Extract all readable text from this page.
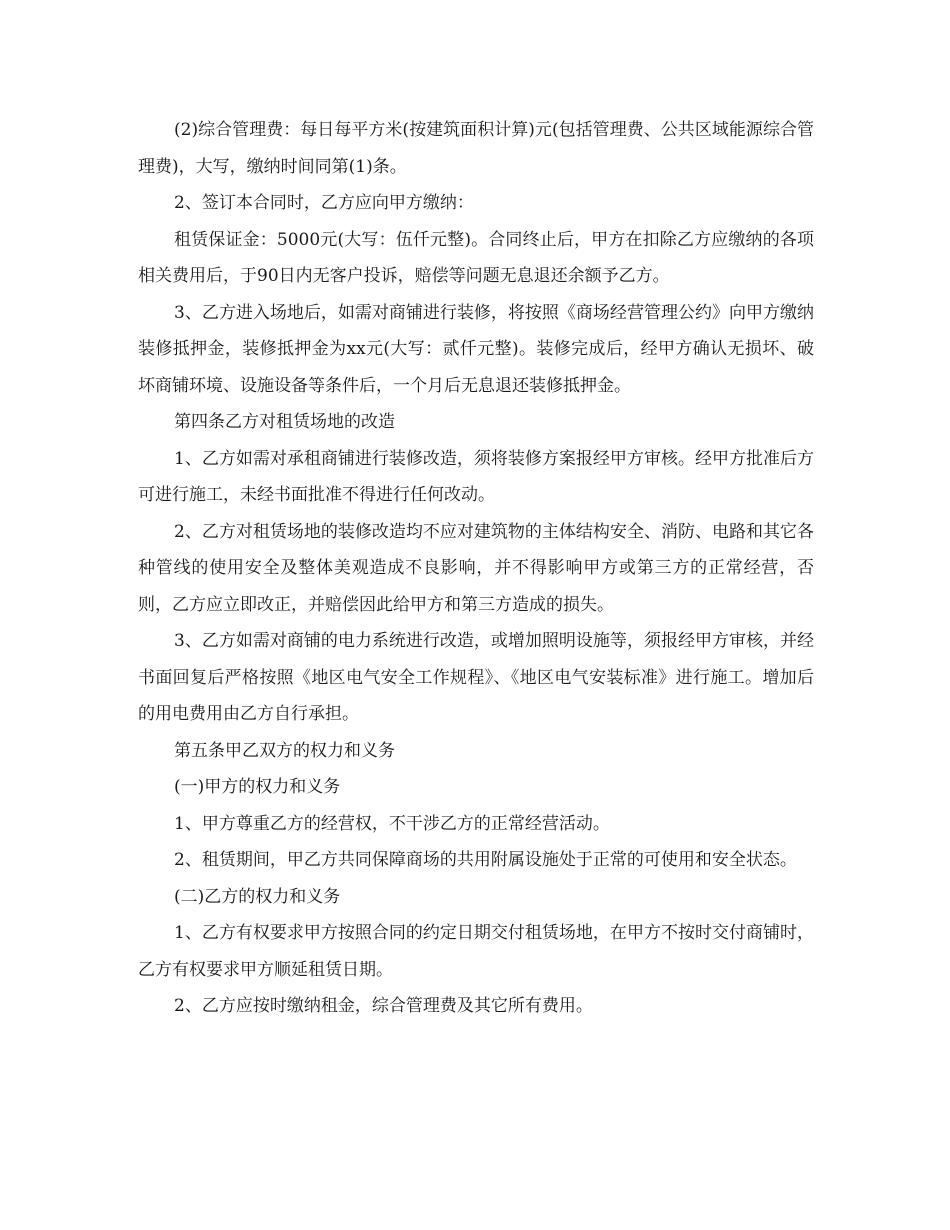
(2)综合管理费：每日每平方米(按建筑面积计算)元(包括管理费、公共区域能源综合管理费)，大写，缴纳时间同第(1)条。

2、签订本合同时，乙方应向甲方缴纳：

租赁保证金：5000元(大写：伍仟元整)。合同终止后，甲方在扣除乙方应缴纳的各项相关费用后，于90日内无客户投诉，赔偿等问题无息退还余额予乙方。

3、乙方进入场地后，如需对商铺进行装修，将按照《商场经营管理公约》向甲方缴纳装修抵押金，装修抵押金为xx元(大写：贰仟元整)。装修完成后，经甲方确认无损坏、破坏商铺环境、设施设备等条件后，一个月后无息退还装修抵押金。

第四条乙方对租赁场地的改造

1、乙方如需对承租商铺进行装修改造，须将装修方案报经甲方审核。经甲方批准后方可进行施工，未经书面批准不得进行任何改动。

2、乙方对租赁场地的装修改造均不应对建筑物的主体结构安全、消防、电路和其它各种管线的使用安全及整体美观造成不良影响，并不得影响甲方或第三方的正常经营，否则，乙方应立即改正，并赔偿因此给甲方和第三方造成的损失。

3、乙方如需对商铺的电力系统进行改造，或增加照明设施等，须报经甲方审核，并经书面回复后严格按照《地区电气安全工作规程》、《地区电气安装标准》进行施工。增加后的用电费用由乙方自行承担。

第五条甲乙双方的权力和义务

(一)甲方的权力和义务

1、甲方尊重乙方的经营权，不干涉乙方的正常经营活动。

2、租赁期间，甲乙方共同保障商场的共用附属设施处于正常的可使用和安全状态。

(二)乙方的权力和义务

1、乙方有权要求甲方按照合同的约定日期交付租赁场地，在甲方不按时交付商铺时，乙方有权要求甲方顺延租赁日期。

2、乙方应按时缴纳租金，综合管理费及其它所有费用。
